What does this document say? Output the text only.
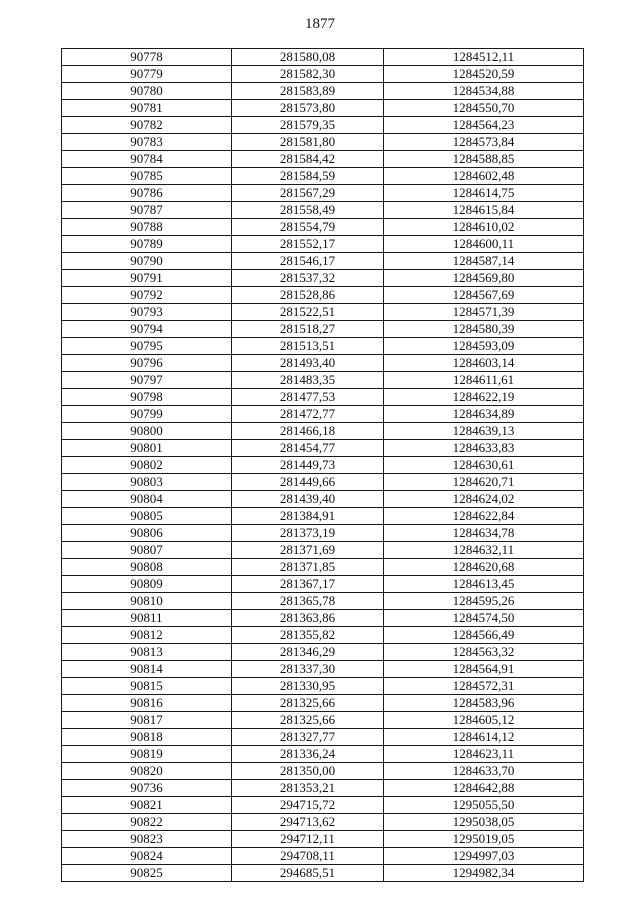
1877
90778	281580,08	1284512,11
90779	281582,30	1284520,59
90780	281583,89	1284534,88
90781	281573,80	1284550,70
90782	281579,35	1284564,23
90783	281581,80	1284573,84
90784	281584,42	1284588,85
90785	281584,59	1284602,48
90786	281567,29	1284614,75
90787	281558,49	1284615,84
90788	281554,79	1284610,02
90789	281552,17	1284600,11
90790	281546,17	1284587,14
90791	281537,32	1284569,80
90792	281528,86	1284567,69
90793	281522,51	1284571,39
90794	281518,27	1284580,39
90795	281513,51	1284593,09
90796	281493,40	1284603,14
90797	281483,35	1284611,61
90798	281477,53	1284622,19
90799	281472,77	1284634,89
90800	281466,18	1284639,13
90801	281454,77	1284633,83
90802	281449,73	1284630,61
90803	281449,66	1284620,71
90804	281439,40	1284624,02
90805	281384,91	1284622,84
90806	281373,19	1284634,78
90807	281371,69	1284632,11
90808	281371,85	1284620,68
90809	281367,17	1284613,45
90810	281365,78	1284595,26
90811	281363,86	1284574,50
90812	281355,82	1284566,49
90813	281346,29	1284563,32
90814	281337,30	1284564,91
90815	281330,95	1284572,31
90816	281325,66	1284583,96
90817	281325,66	1284605,12
90818	281327,77	1284614,12
90819	281336,24	1284623,11
90820	281350,00	1284633,70
90736	281353,21	1284642,88
90821	294715,72	1295055,50
90822	294713,62	1295038,05
90823	294712,11	1295019,05
90824	294708,11	1294997,03
90825	294685,51	1294982,34
